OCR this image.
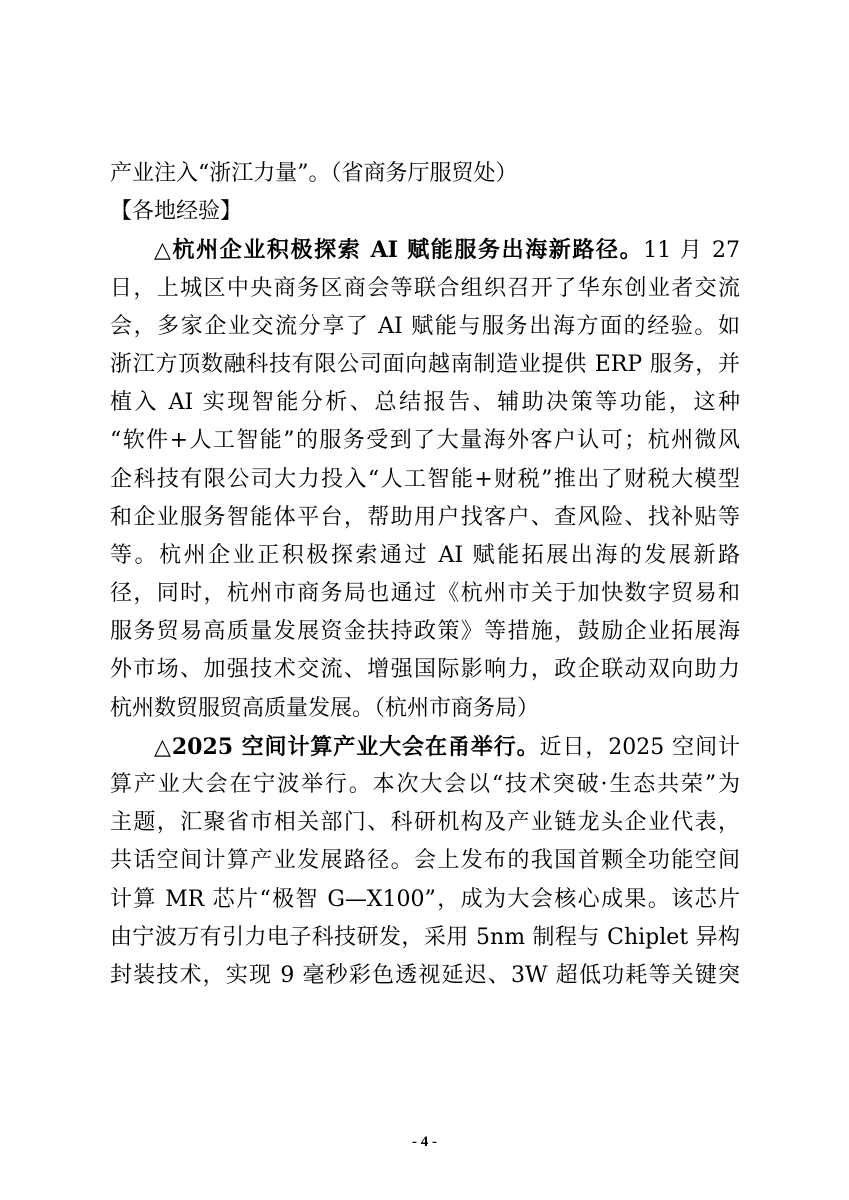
产业注入“浙江力量”。（省商务厅服贸处）
【各地经验】
△杭州企业积极探索 AI 赋能服务出海新路径。11 月 27
日，上城区中央商务区商会等联合组织召开了华东创业者交流
会，多家企业交流分享了 AI 赋能与服务出海方面的经验。如
浙江方顶数融科技有限公司面向越南制造业提供 ERP 服务，并
植入 AI 实现智能分析、总结报告、辅助决策等功能，这种
“软件+人工智能”的服务受到了大量海外客户认可；杭州微风
企科技有限公司大力投入“人工智能+财税”推出了财税大模型
和企业服务智能体平台，帮助用户找客户、查风险、找补贴等
等。杭州企业正积极探索通过 AI 赋能拓展出海的发展新路
径，同时，杭州市商务局也通过《杭州市关于加快数字贸易和
服务贸易高质量发展资金扶持政策》等措施，鼓励企业拓展海
外市场、加强技术交流、增强国际影响力，政企联动双向助力
杭州数贸服贸高质量发展。（杭州市商务局）
△2025 空间计算产业大会在甬举行。近日，2025 空间计
算产业大会在宁波举行。本次大会以“技术突破·生态共荣”为
主题，汇聚省市相关部门、科研机构及产业链龙头企业代表，
共话空间计算产业发展路径。会上发布的我国首颗全功能空间
计算 MR 芯片“极智 G—X100”，成为大会核心成果。该芯片
由宁波万有引力电子科技研发，采用 5nm 制程与 Chiplet 异构
封装技术，实现 9 毫秒彩色透视延迟、3W 超低功耗等关键突
- 4 -
